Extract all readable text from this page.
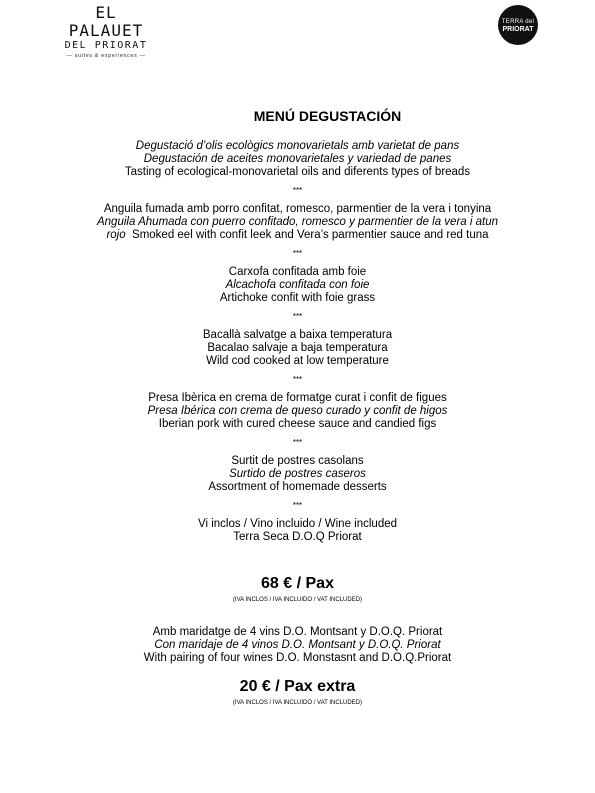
EL PALAUET
DEL PRIORAT
— suites & experiences —
TERRA del
PRIORAT
MENÚ DEGUSTACIÓN
Degustació d’olis ecològics monovarietals amb varietat de pans
Degustación de aceites monovarietales y variedad de panes
Tasting of ecological-monovarietal oils and diferents types of breads
***
Anguila fumada amb porro confitat, romesco, parmentier de la vera i tonyina
Anguila Ahumada con puerro confitado, romesco y parmentier de la vera i atun
rojo Smoked eel with confit leek and Vera’s parmentier sauce and red tuna
***
Carxofa confitada amb foie
Alcachofa confitada con foie
Artichoke confit with foie grass
***
Bacallà salvatge a baixa temperatura
Bacalao salvaje a baja temperatura
Wild cod cooked at low temperature
***
Presa Ibèrica en crema de formatge curat i confit de figues
Presa Ibérica con crema de queso curado y confit de higos
Iberian pork with cured cheese sauce and candied figs
***
Surtit de postres casolans
Surtido de postres caseros
Assortment of homemade desserts
***
Vi inclos / Vino incluido / Wine included
Terra Seca D.O.Q Priorat
68 € / Pax
(IVA INCLOS / IVA INCLUIDO / VAT INCLUDED)
Amb maridatge de 4 vins D.O. Montsant y D.O.Q. Priorat
Con maridaje de 4 vinos D.O. Montsant y D.O.Q. Priorat
With pairing of four wines D.O. Monstasnt and D.O.Q.Priorat
20 € / Pax extra
(IVA INCLOS / IVA INCLUIDO / VAT INCLUDED)
